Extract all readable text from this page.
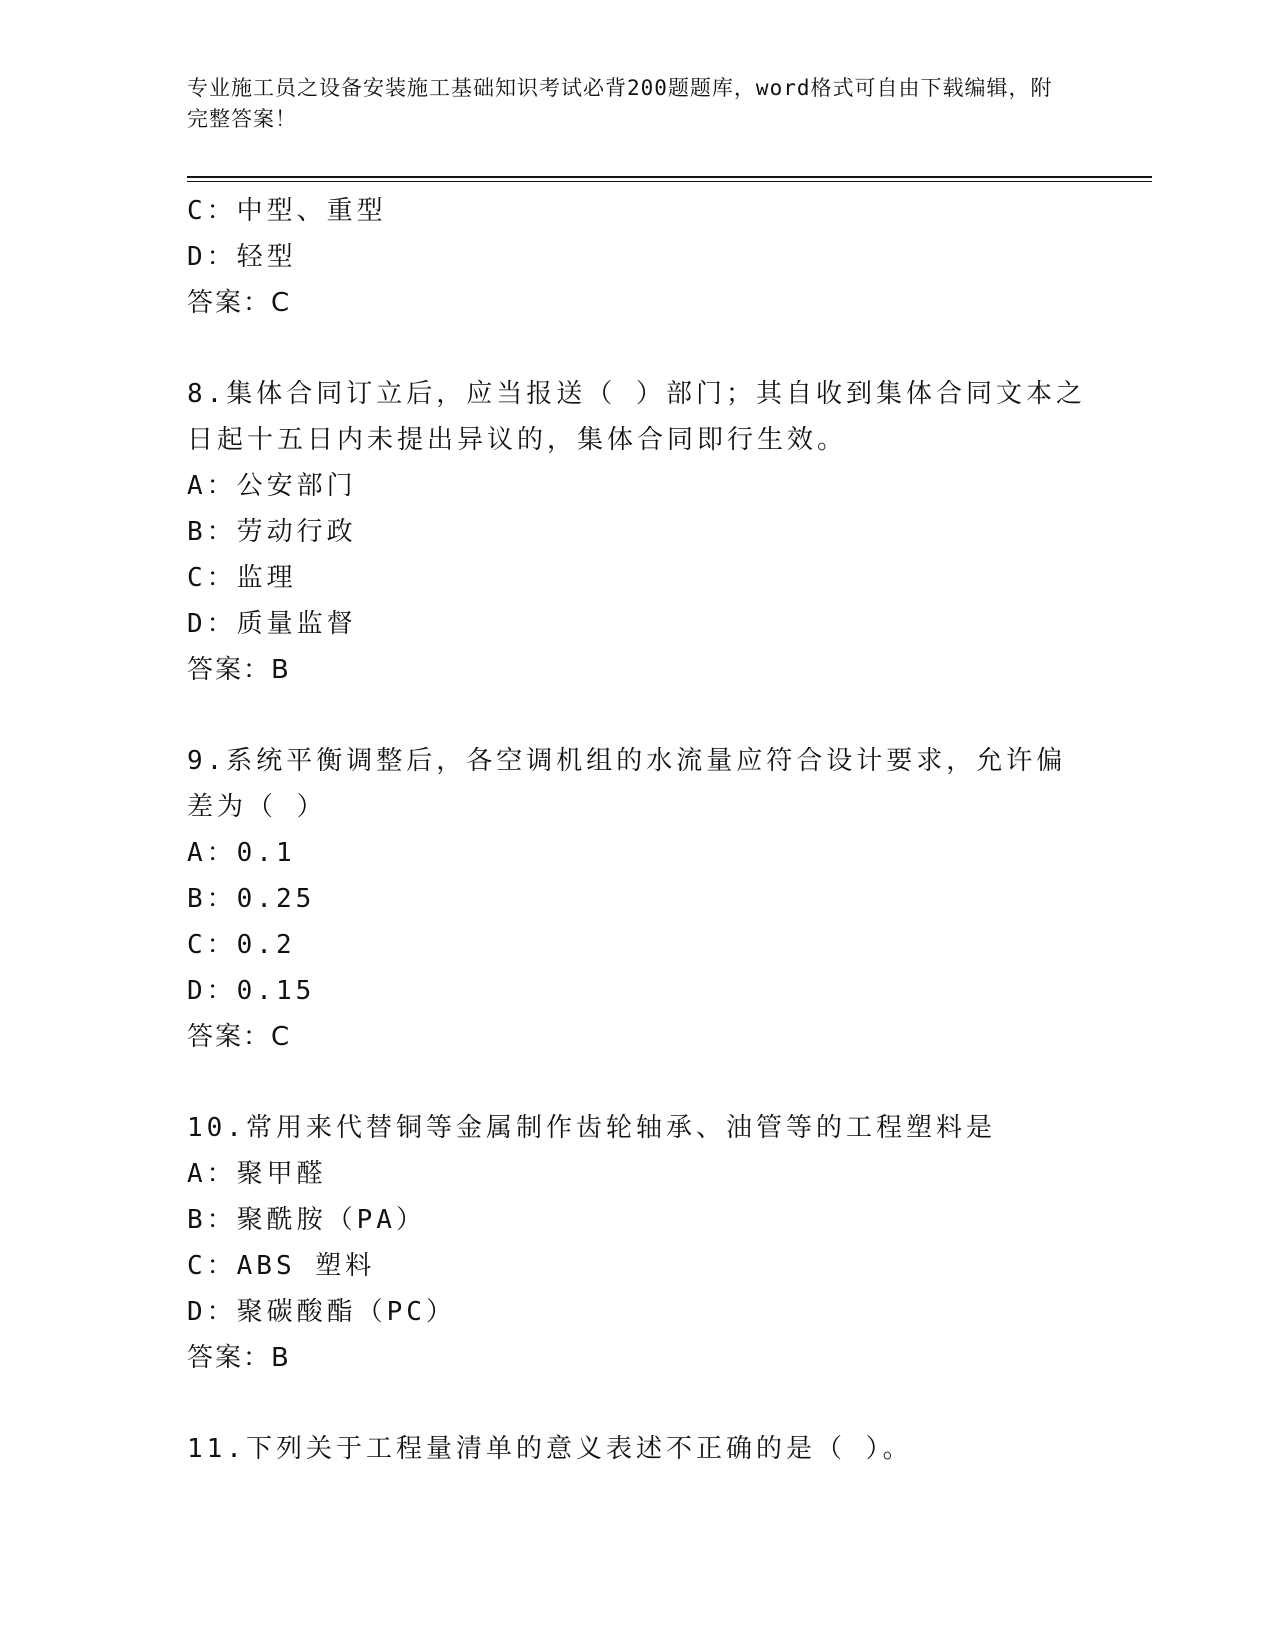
专业施工员之设备安装施工基础知识考试必背200题题库，word格式可自由下载编辑，附完整答案！
C：中型、重型
D：轻型
答案：C
8.集体合同订立后，应当报送（ ）部门；其自收到集体合同文本之日起十五日内未提出异议的，集体合同即行生效。
A：公安部门
B：劳动行政
C：监理
D：质量监督
答案：B
9.系统平衡调整后，各空调机组的水流量应符合设计要求，允许偏差为（ ）
A：0.1
B：0.25
C：0.2
D：0.15
答案：C
10.常用来代替铜等金属制作齿轮轴承、油管等的工程塑料是
A：聚甲醛
B：聚酰胺（PA）
C：ABS 塑料
D：聚碳酸酯（PC）
答案：B
11.下列关于工程量清单的意义表述不正确的是（ ）。
